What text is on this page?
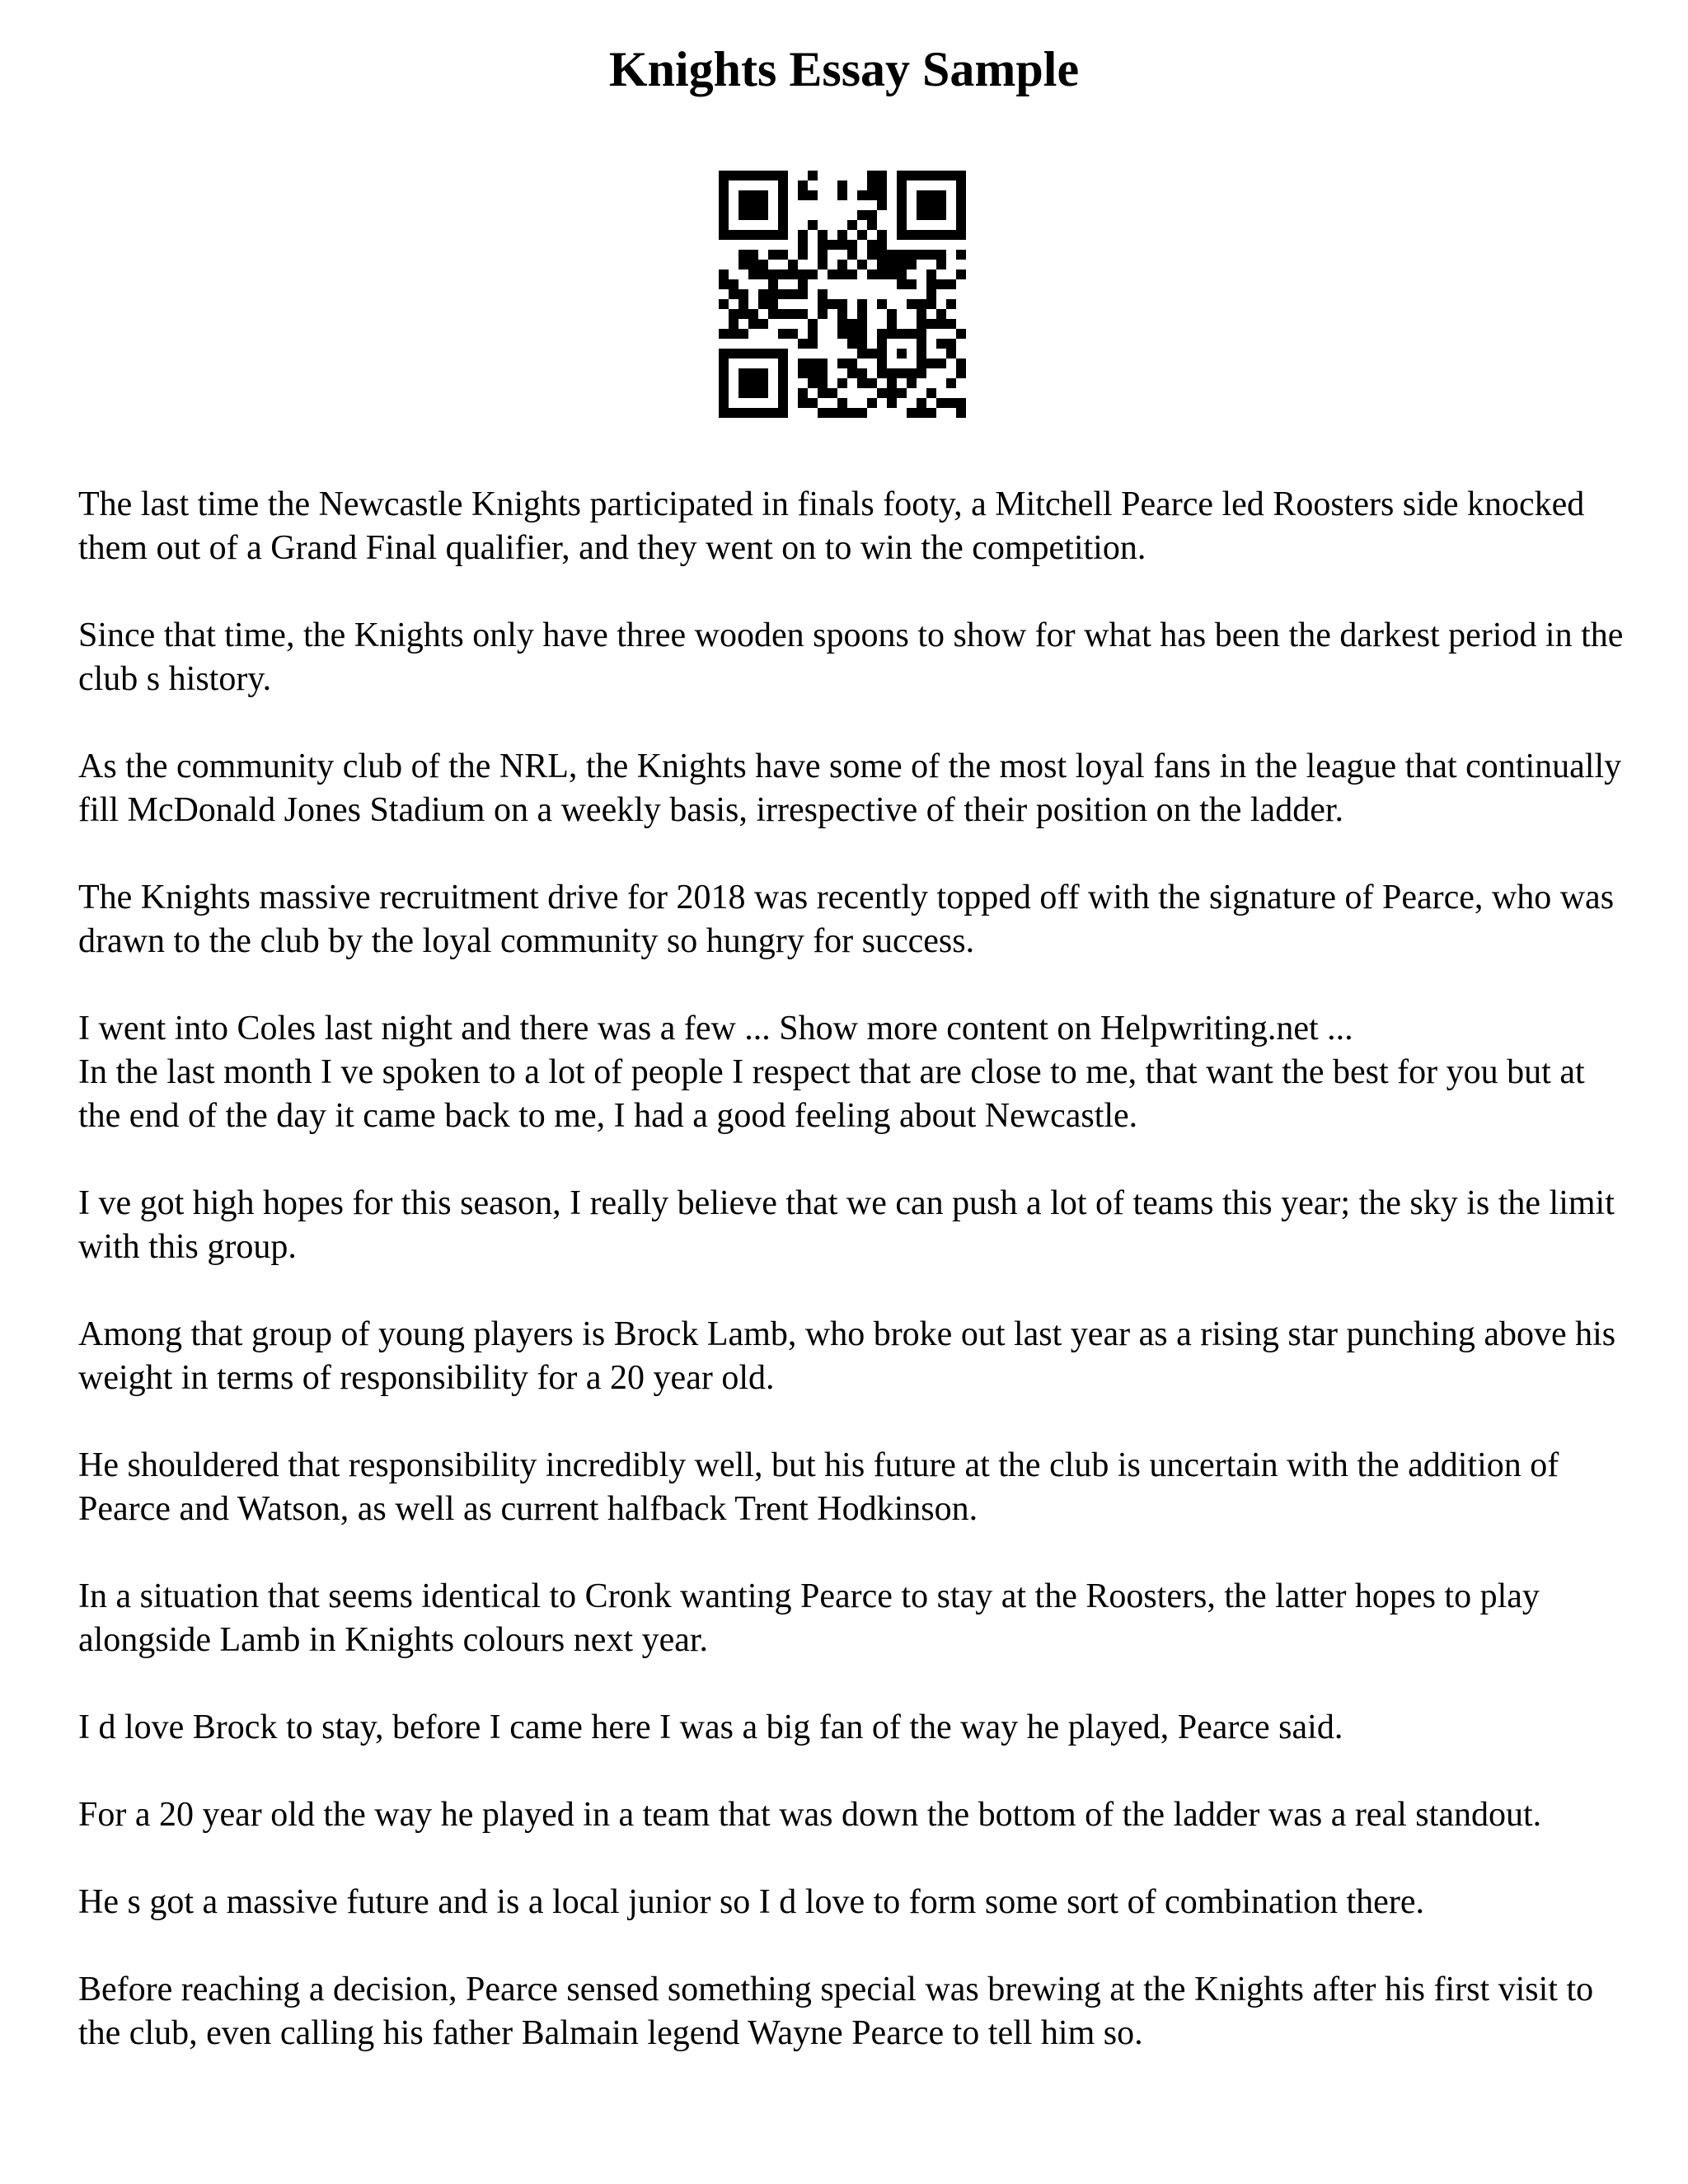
Knights Essay Sample

The last time the Newcastle Knights participated in finals footy, a Mitchell Pearce led Roosters side knocked them out of a Grand Final qualifier, and they went on to win the competition.

Since that time, the Knights only have three wooden spoons to show for what has been the darkest period in the club s history.

As the community club of the NRL, the Knights have some of the most loyal fans in the league that continually fill McDonald Jones Stadium on a weekly basis, irrespective of their position on the ladder.

The Knights massive recruitment drive for 2018 was recently topped off with the signature of Pearce, who was drawn to the club by the loyal community so hungry for success.

I went into Coles last night and there was a few ... Show more content on Helpwriting.net ...
In the last month I ve spoken to a lot of people I respect that are close to me, that want the best for you but at the end of the day it came back to me, I had a good feeling about Newcastle.

I ve got high hopes for this season, I really believe that we can push a lot of teams this year; the sky is the limit with this group.

Among that group of young players is Brock Lamb, who broke out last year as a rising star punching above his weight in terms of responsibility for a 20 year old.

He shouldered that responsibility incredibly well, but his future at the club is uncertain with the addition of Pearce and Watson, as well as current halfback Trent Hodkinson.

In a situation that seems identical to Cronk wanting Pearce to stay at the Roosters, the latter hopes to play alongside Lamb in Knights colours next year.

I d love Brock to stay, before I came here I was a big fan of the way he played, Pearce said.

For a 20 year old the way he played in a team that was down the bottom of the ladder was a real standout.

He s got a massive future and is a local junior so I d love to form some sort of combination there.

Before reaching a decision, Pearce sensed something special was brewing at the Knights after his first visit to the club, even calling his father Balmain legend Wayne Pearce to tell him so.
